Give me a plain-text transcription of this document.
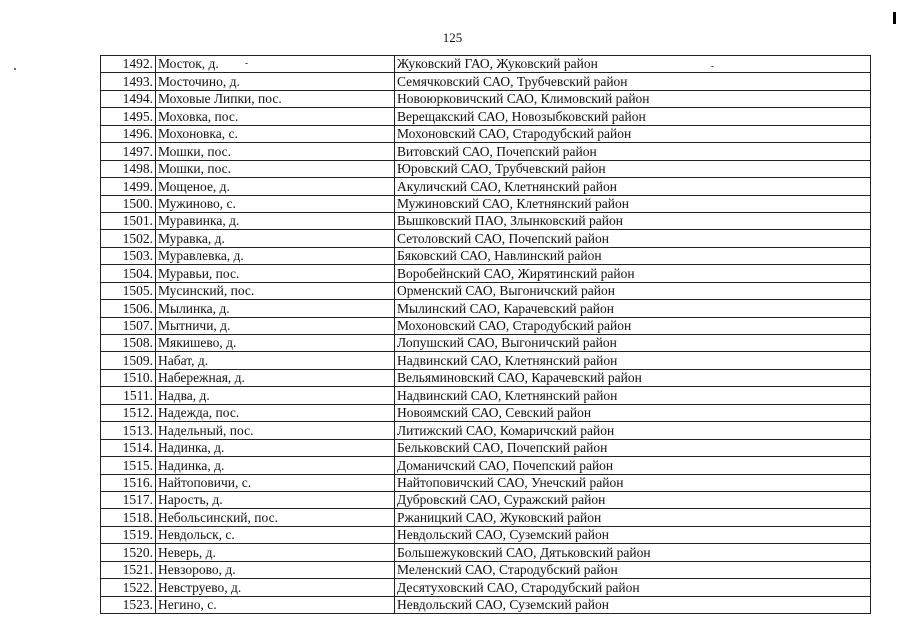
125
1492.	Мосток, д.	Жуковский ГАО, Жуковский район
1493.	Мосточино, д.	Семячковский САО, Трубчевский район
1494.	Моховые Липки, пос.	Новоюрковичский САО, Климовский район
1495.	Моховка, пос.	Верещакский САО, Новозыбковский район
1496.	Мохоновка, с.	Мохоновский САО, Стародубский район
1497.	Мошки, пос.	Витовский САО, Почепский район
1498.	Мошки, пос.	Юровский САО, Трубчевский район
1499.	Мощеное, д.	Акуличский САО, Клетнянский район
1500.	Мужиново, с.	Мужиновский САО, Клетнянский район
1501.	Муравинка, д.	Вышковский ПАО, Злынковский район
1502.	Муравка, д.	Сетоловский САО, Почепский район
1503.	Муравлевка, д.	Бяковский САО, Навлинский район
1504.	Муравьи, пос.	Воробейнский САО, Жирятинский район
1505.	Мусинский, пос.	Орменский САО, Выгоничский район
1506.	Мылинка, д.	Мылинский САО, Карачевский район
1507.	Мытничи, д.	Мохоновский САО, Стародубский район
1508.	Мякишево, д.	Лопушский САО, Выгоничский район
1509.	Набат, д.	Надвинский САО, Клетнянский район
1510.	Набережная, д.	Вельяминовский САО, Карачевский район
1511.	Надва, д.	Надвинский САО, Клетнянский район
1512.	Надежда, пос.	Новоямский САО, Севский район
1513.	Надельный, пос.	Литижский САО, Комаричский район
1514.	Надинка, д.	Бельковский САО, Почепский район
1515.	Надинка, д.	Доманичский САО, Почепский район
1516.	Найтоповичи, с.	Найтоповичский САО, Унечский район
1517.	Нарость, д.	Дубровский САО, Суражский район
1518.	Небольсинский, пос.	Ржаницкий САО, Жуковский район
1519.	Невдольск, с.	Невдольский САО, Суземский район
1520.	Неверь, д.	Большежуковский САО, Дятьковский район
1521.	Невзорово, д.	Меленский САО, Стародубский район
1522.	Невструево, д.	Десятуховский САО, Стародубский район
1523.	Негино, с.	Невдольский САО, Суземский район
